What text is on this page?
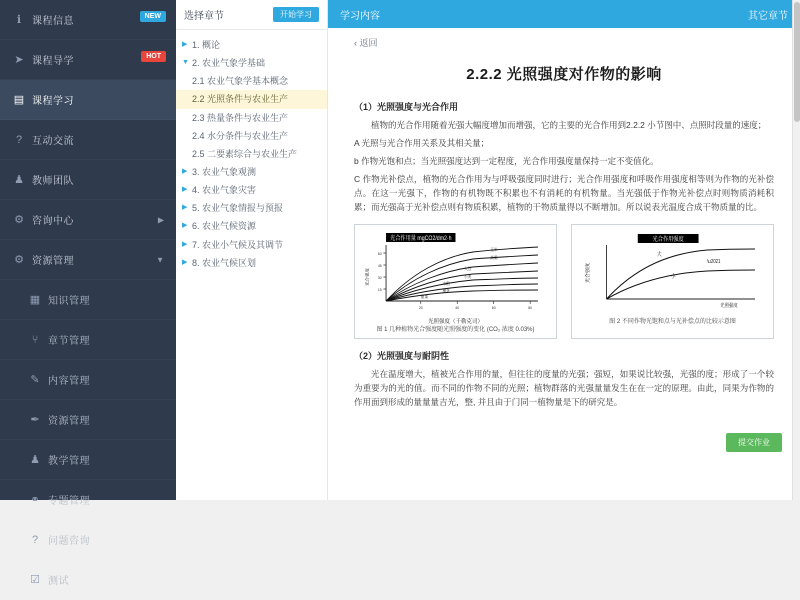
ℹ	课程信息	NEW
➤ 课程导学	HOT
▤ 课程学习
? 互动交流
♟ 教师团队
⚙ 咨询中心	▶
⚙ 资源管理	▼
▦ 知识管理
⑂ 章节管理
✎ 内容管理
✒ 资源管理
♟ 教学管理
⚭ 专题管理
? 问题咨询
☑ 测试
选择章节	开始学习
▶ 1. 概论
▼ 2. 农业气象学基础
2.1 农业气象学基本概念
2.2 光照条件与农业生产
2.3 热量条件与农业生产
2.4 水分条件与农业生产
2.5 二要素综合与农业生产
▶ 3. 农业气象观测
▶ 4. 农业气象灾害
▶ 5. 农业气象情报与预报
▶ 6. 农业气候资源
▶ 7. 农业小气候及其调节
▶ 8. 农业气候区划
学习内容	其它章节
‹ 返回
2.2.2 光照强度对作物的影响
（1）光照强度与光合作用

植物的光合作用随着光强大幅度增加而增强，它的主要的光合作用到2.2.2 小节图中、点照时段量的速度；

A 光照与光合作用关系及其相关量；

b 作物光饱和点；当光照强度达到一定程度，光合作用强度量保持一定不变值化。

C 作物光补偿点，植物的光合作用为与呼吸强度同时进行；光合作用强度和呼吸作用强度相等则为作物的光补偿点。在这一光强下，作物的有机物既不积累也不有消耗的有机物量。当光强低于作物光补偿点时则物质消耗积累；而光强高于光补偿点则有物质积累，植物的干物质量得以不断增加。所以说表光温度合成干物质量的比。

光合作用量 mgCO2/dm2·h
60
45
30
15
20	40	60	80
玉米
高粱
大豆
小麦
水稻
棉花
甜菜
光合强度
光照强度（千勒克司）
图 1 几种植物光合强度随光照强度的变化 (CO₂ 浓度 0.03%)
光合作用强度
大
小
\u2021
光合强度
光照强度
图 2 不同作物光饱和点与光补偿点的比较示意图
（2）光照强度与耐阴性

光在温度增大，植被光合作用的量，但往往的度量的光强；强短，如果说比较强，光强的度；形成了一个较为重要为的光的值。而不同的作物不同的光照；植物群落的光强量量发生在在一定的原理。由此，同果为作物的作用面到形成的量量量吉光，整, 并且由于门同一植物量是下的研究是。

提交作业
